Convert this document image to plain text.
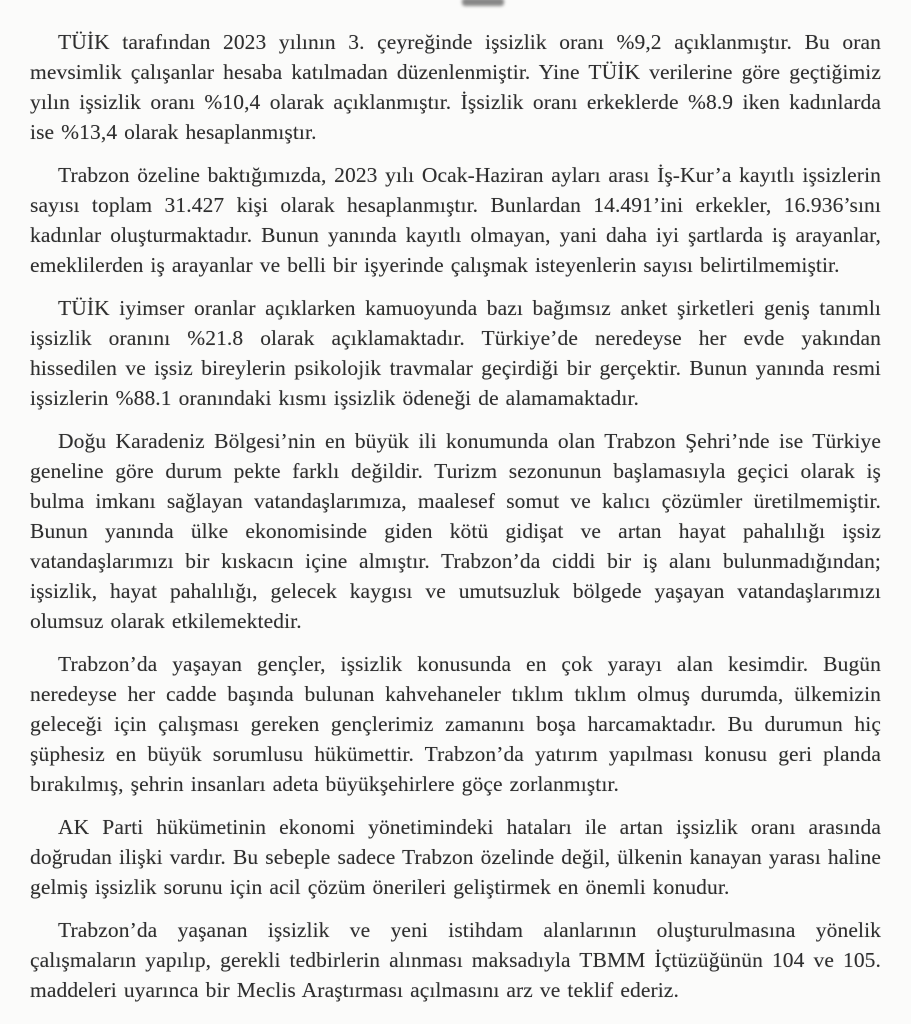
TÜİK tarafından 2023 yılının 3. çeyreğinde işsizlik oranı %9,2 açıklanmıştır. Bu oran mevsimlik çalışanlar hesaba katılmadan düzenlenmiştir. Yine TÜİK verilerine göre geçtiğimiz yılın işsizlik oranı %10,4 olarak açıklanmıştır. İşsizlik oranı erkeklerde %8.9 iken kadınlarda ise %13,4 olarak hesaplanmıştır.

Trabzon özeline baktığımızda, 2023 yılı Ocak-Haziran ayları arası İş-Kur’a kayıtlı işsizlerin sayısı toplam 31.427 kişi olarak hesaplanmıştır. Bunlardan 14.491’ini erkekler, 16.936’sını kadınlar oluşturmaktadır. Bunun yanında kayıtlı olmayan, yani daha iyi şartlarda iş arayanlar, emeklilerden iş arayanlar ve belli bir işyerinde çalışmak isteyenlerin sayısı belirtilmemiştir.

TÜİK iyimser oranlar açıklarken kamuoyunda bazı bağımsız anket şirketleri geniş tanımlı işsizlik oranını %21.8 olarak açıklamaktadır. Türkiye’de neredeyse her evde yakından hissedilen ve işsiz bireylerin psikolojik travmalar geçirdiği bir gerçektir. Bunun yanında resmi işsizlerin %88.1 oranındaki kısmı işsizlik ödeneği de alamamaktadır.

Doğu Karadeniz Bölgesi’nin en büyük ili konumunda olan Trabzon Şehri’nde ise Türkiye geneline göre durum pekte farklı değildir. Turizm sezonunun başlamasıyla geçici olarak iş bulma imkanı sağlayan vatandaşlarımıza, maalesef somut ve kalıcı çözümler üretilmemiştir. Bunun yanında ülke ekonomisinde giden kötü gidişat ve artan hayat pahalılığı işsiz vatandaşlarımızı bir kıskacın içine almıştır. Trabzon’da ciddi bir iş alanı bulunmadığından; işsizlik, hayat pahalılığı, gelecek kaygısı ve umutsuzluk bölgede yaşayan vatandaşlarımızı olumsuz olarak etkilemektedir.

Trabzon’da yaşayan gençler, işsizlik konusunda en çok yarayı alan kesimdir. Bugün neredeyse her cadde başında bulunan kahvehaneler tıklım tıklım olmuş durumda, ülkemizin geleceği için çalışması gereken gençlerimiz zamanını boşa harcamaktadır. Bu durumun hiç şüphesiz en büyük sorumlusu hükümettir. Trabzon’da yatırım yapılması konusu geri planda bırakılmış, şehrin insanları adeta büyükşehirlere göçe zorlanmıştır.

AK Parti hükümetinin ekonomi yönetimindeki hataları ile artan işsizlik oranı arasında doğrudan ilişki vardır. Bu sebeple sadece Trabzon özelinde değil, ülkenin kanayan yarası haline gelmiş işsizlik sorunu için acil çözüm önerileri geliştirmek en önemli konudur.

Trabzon’da yaşanan işsizlik ve yeni istihdam alanlarının oluşturulmasına yönelik çalışmaların yapılıp, gerekli tedbirlerin alınması maksadıyla TBMM İçtüzüğünün 104 ve 105. maddeleri uyarınca bir Meclis Araştırması açılmasını arz ve teklif ederiz.
